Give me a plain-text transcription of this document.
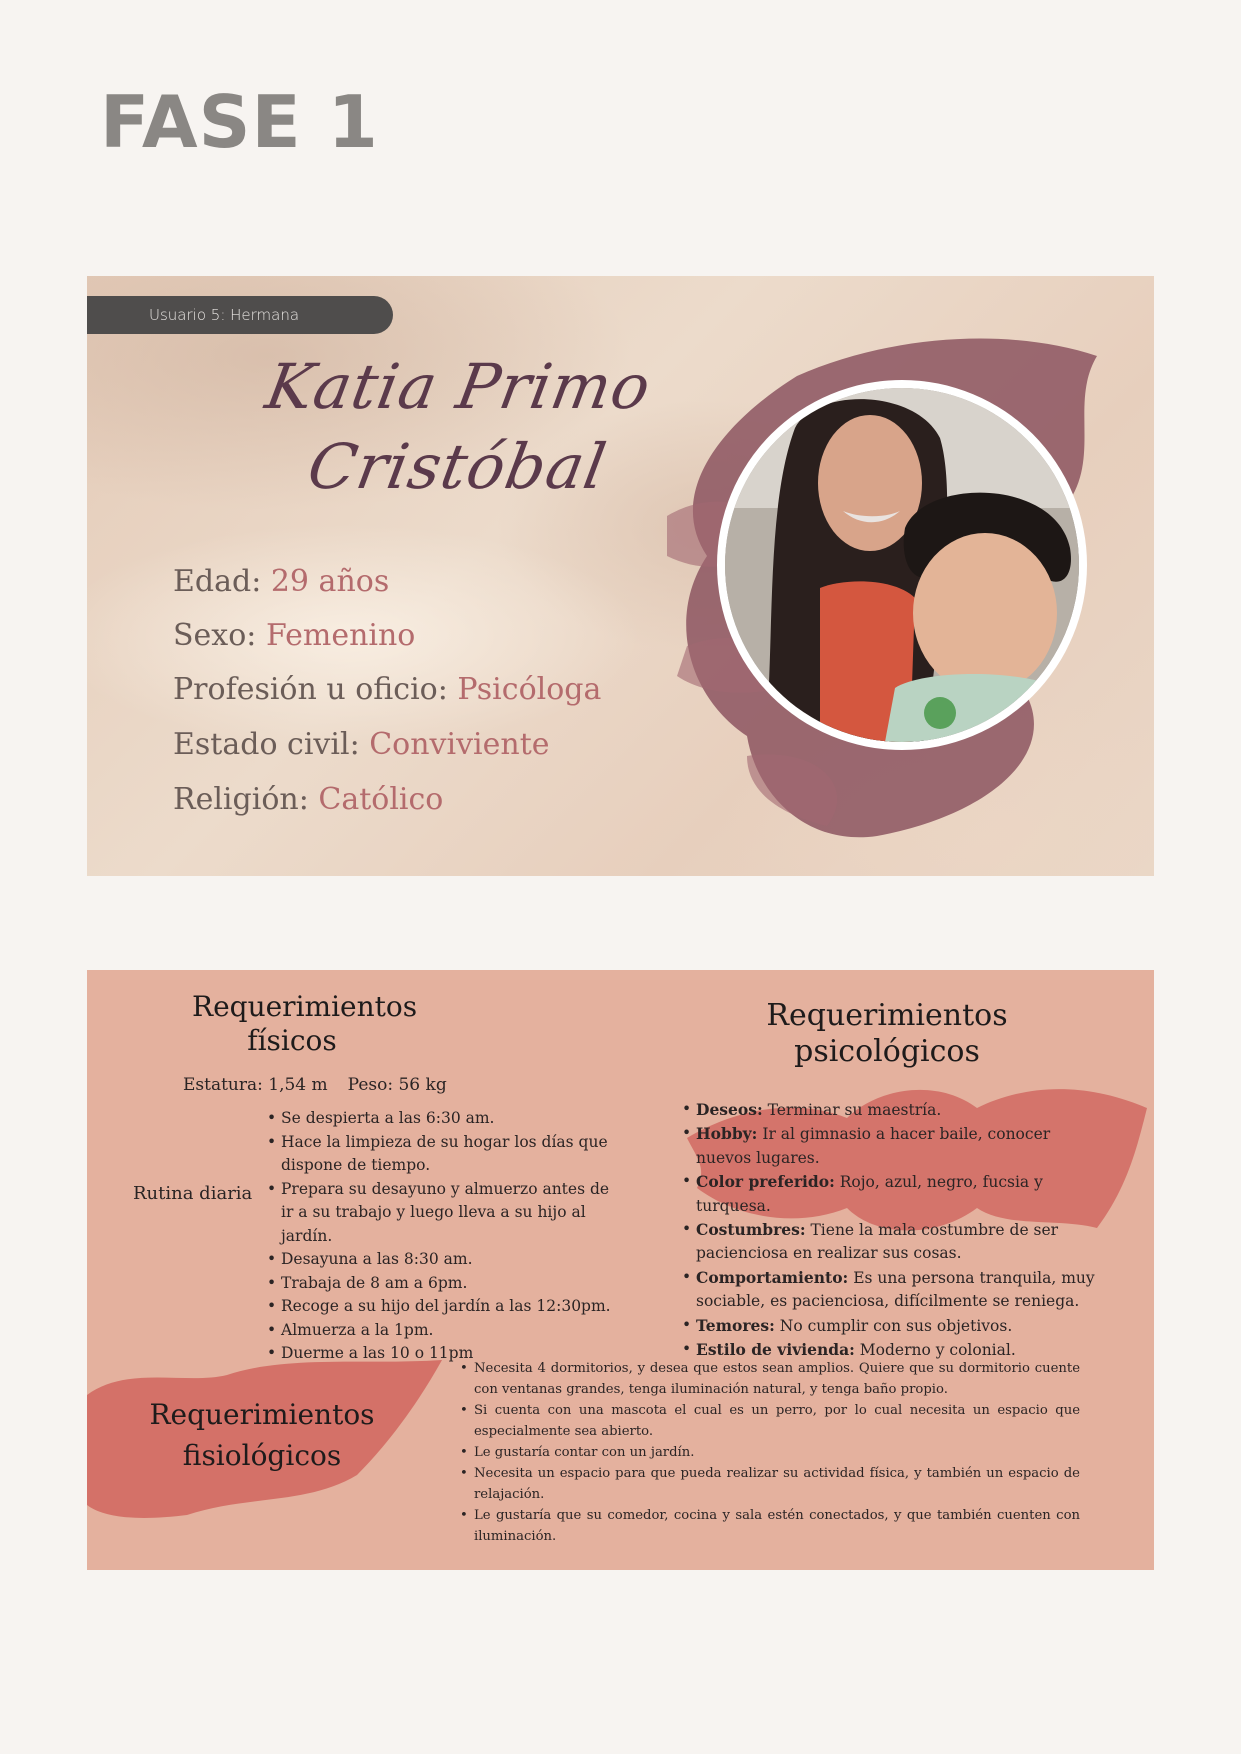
FASE 1
Usuario 5: Hermana
Katia Primo
Cristóbal
Edad: 29 años
Sexo: Femenino
Profesión u oficio: Psicóloga
Estado civil: Conviviente
Religión: Católico
Requerimientos
físicos
Estatura: 1,54 m Peso: 56 kg
Rutina diaria
• Se despierta a las 6:30 am.
• Hace la limpieza de su hogar los días que dispone de tiempo.
• Prepara su desayuno y almuerzo antes de ir a su trabajo y luego lleva a su hijo al jardín.
• Desayuna a las 8:30 am.
• Trabaja de 8 am a 6pm.
• Recoge a su hijo del jardín a las 12:30pm.
• Almuerza a la 1pm.
• Duerme a las 10 o 11pm
Requerimientos
psicológicos
• Deseos: Terminar su maestría.
• Hobby: Ir al gimnasio a hacer baile, conocer nuevos lugares.
• Color preferido: Rojo, azul, negro, fucsia y turquesa.
• Costumbres: Tiene la mala costumbre de ser pacienciosa en realizar sus cosas.
• Comportamiento: Es una persona tranquila, muy sociable, es pacienciosa, difícilmente se reniega.
• Temores: No cumplir con sus objetivos.
• Estilo de vivienda: Moderno y colonial.
Requerimientos
fisiológicos
• Necesita 4 dormitorios, y desea que estos sean amplios. Quiere que su dormitorio cuente con ventanas grandes, tenga iluminación natural, y tenga baño propio.
• Si cuenta con una mascota el cual es un perro, por lo cual necesita un espacio que especialmente sea abierto.
• Le gustaría contar con un jardín.
• Necesita un espacio para que pueda realizar su actividad física, y también un espacio de relajación.
• Le gustaría que su comedor, cocina y sala estén conectados, y que también cuenten con iluminación.
